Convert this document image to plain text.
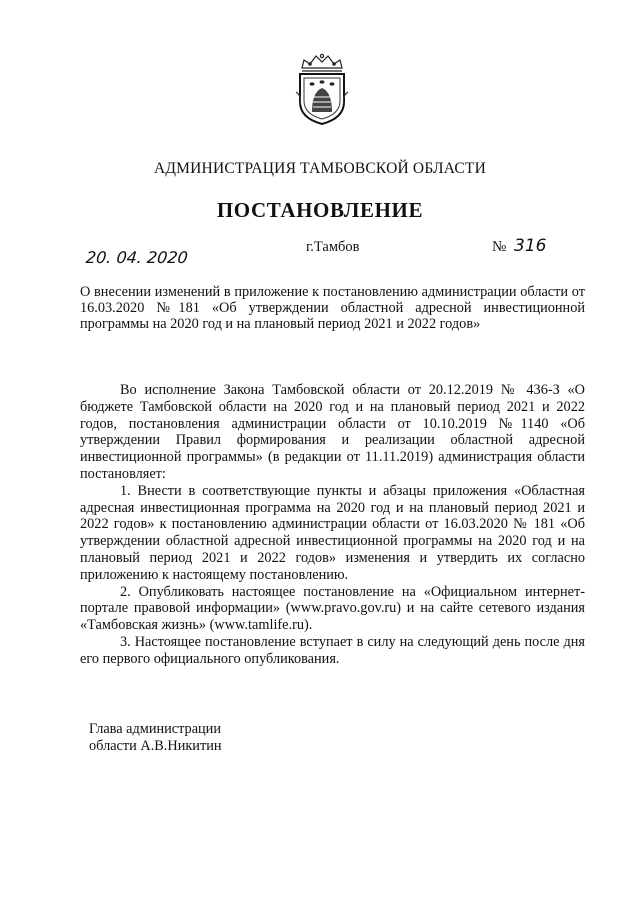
АДМИНИСТРАЦИЯ ТАМБОВСКОЙ ОБЛАСТИ
ПОСТАНОВЛЕНИЕ
20. 04. 2020
г.Тамбов	№ 316
О внесении изменений в приложение к постановлению администрации области от 16.03.2020 №181 «Об утверждении областной адресной инвестиционной программы на 2020 год и на плановый период 2021 и 2022 годов»

Во исполнение Закона Тамбовской области от 20.12.2019 № 436-З «О бюджете Тамбовской области на 2020 год и на плановый период 2021 и 2022 годов, постановления администрации области от 10.10.2019 №1140 «Об утверждении Правил формирования и реализации областной адресной инвестиционной программы» (в редакции от 11.11.2019) администрация области постановляет:

1. Внести в соответствующие пункты и абзацы приложения «Областная адресная инвестиционная программа на 2020 год и на плановый период 2021 и 2022 годов» к постановлению администрации области от 16.03.2020 № 181 «Об утверждении областной адресной инвестиционной программы на 2020 год и на плановый период 2021 и 2022 годов» изменения и утвердить их согласно приложению к настоящему постановлению.

2. Опубликовать настоящее постановление на «Официальном интернет-портале правовой информации» (www.pravo.gov.ru) и на сайте сетевого издания «Тамбовская жизнь» (www.tamlife.ru).

3. Настоящее постановление вступает в силу на следующий день после дня его первого официального опубликования.

Глава администрации
области А.В.Никитин
